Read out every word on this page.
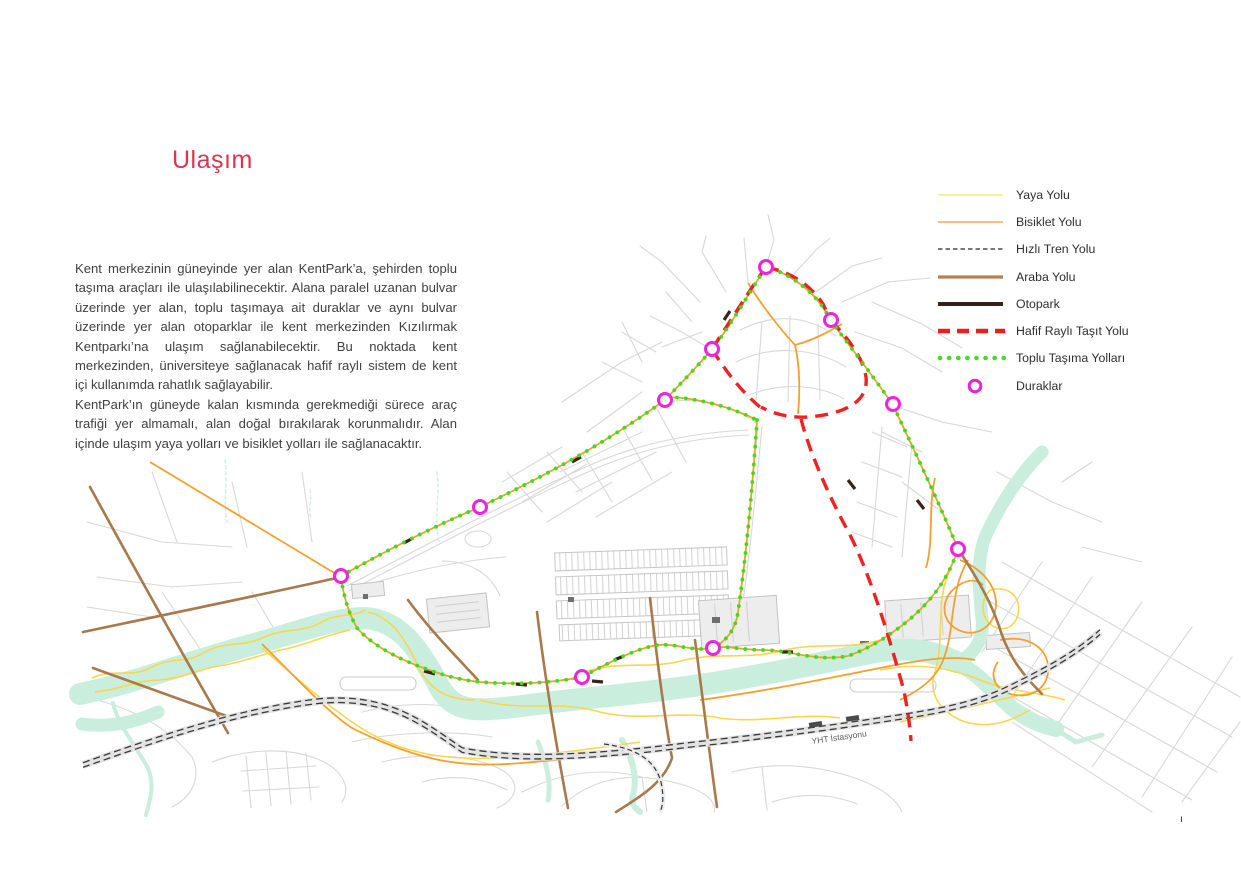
YHT İstasyonu
ı
Ulaşım

Kent merkezinin güneyinde yer alan KentPark’a, şehirden toplu taşıma araçları ile ulaşılabilinecektir. Alana paralel uzanan bulvar üzerinde yer alan, toplu taşımaya ait duraklar ve aynı bulvar üzerinde yer alan otoparklar ile kent merkezinden Kızılırmak Kentparkı’na ulaşım sağlanabilecektir. Bu noktada kent merkezinden, üniversiteye sağlanacak hafif raylı sistem de kent içi kullanımda rahatlık sağlayabilir.

KentPark’ın güneyde kalan kısmında gerekmediği sürece araç trafiği yer almamalı, alan doğal bırakılarak korunmalıdır. Alan içinde ulaşım yaya yolları ve bisiklet yolları ile sağlanacaktır.

Yaya Yolu
Bisiklet Yolu
Hızlı Tren Yolu
Araba Yolu
Otopark
Hafif Raylı Taşıt Yolu
Toplu Taşıma Yolları
Duraklar
